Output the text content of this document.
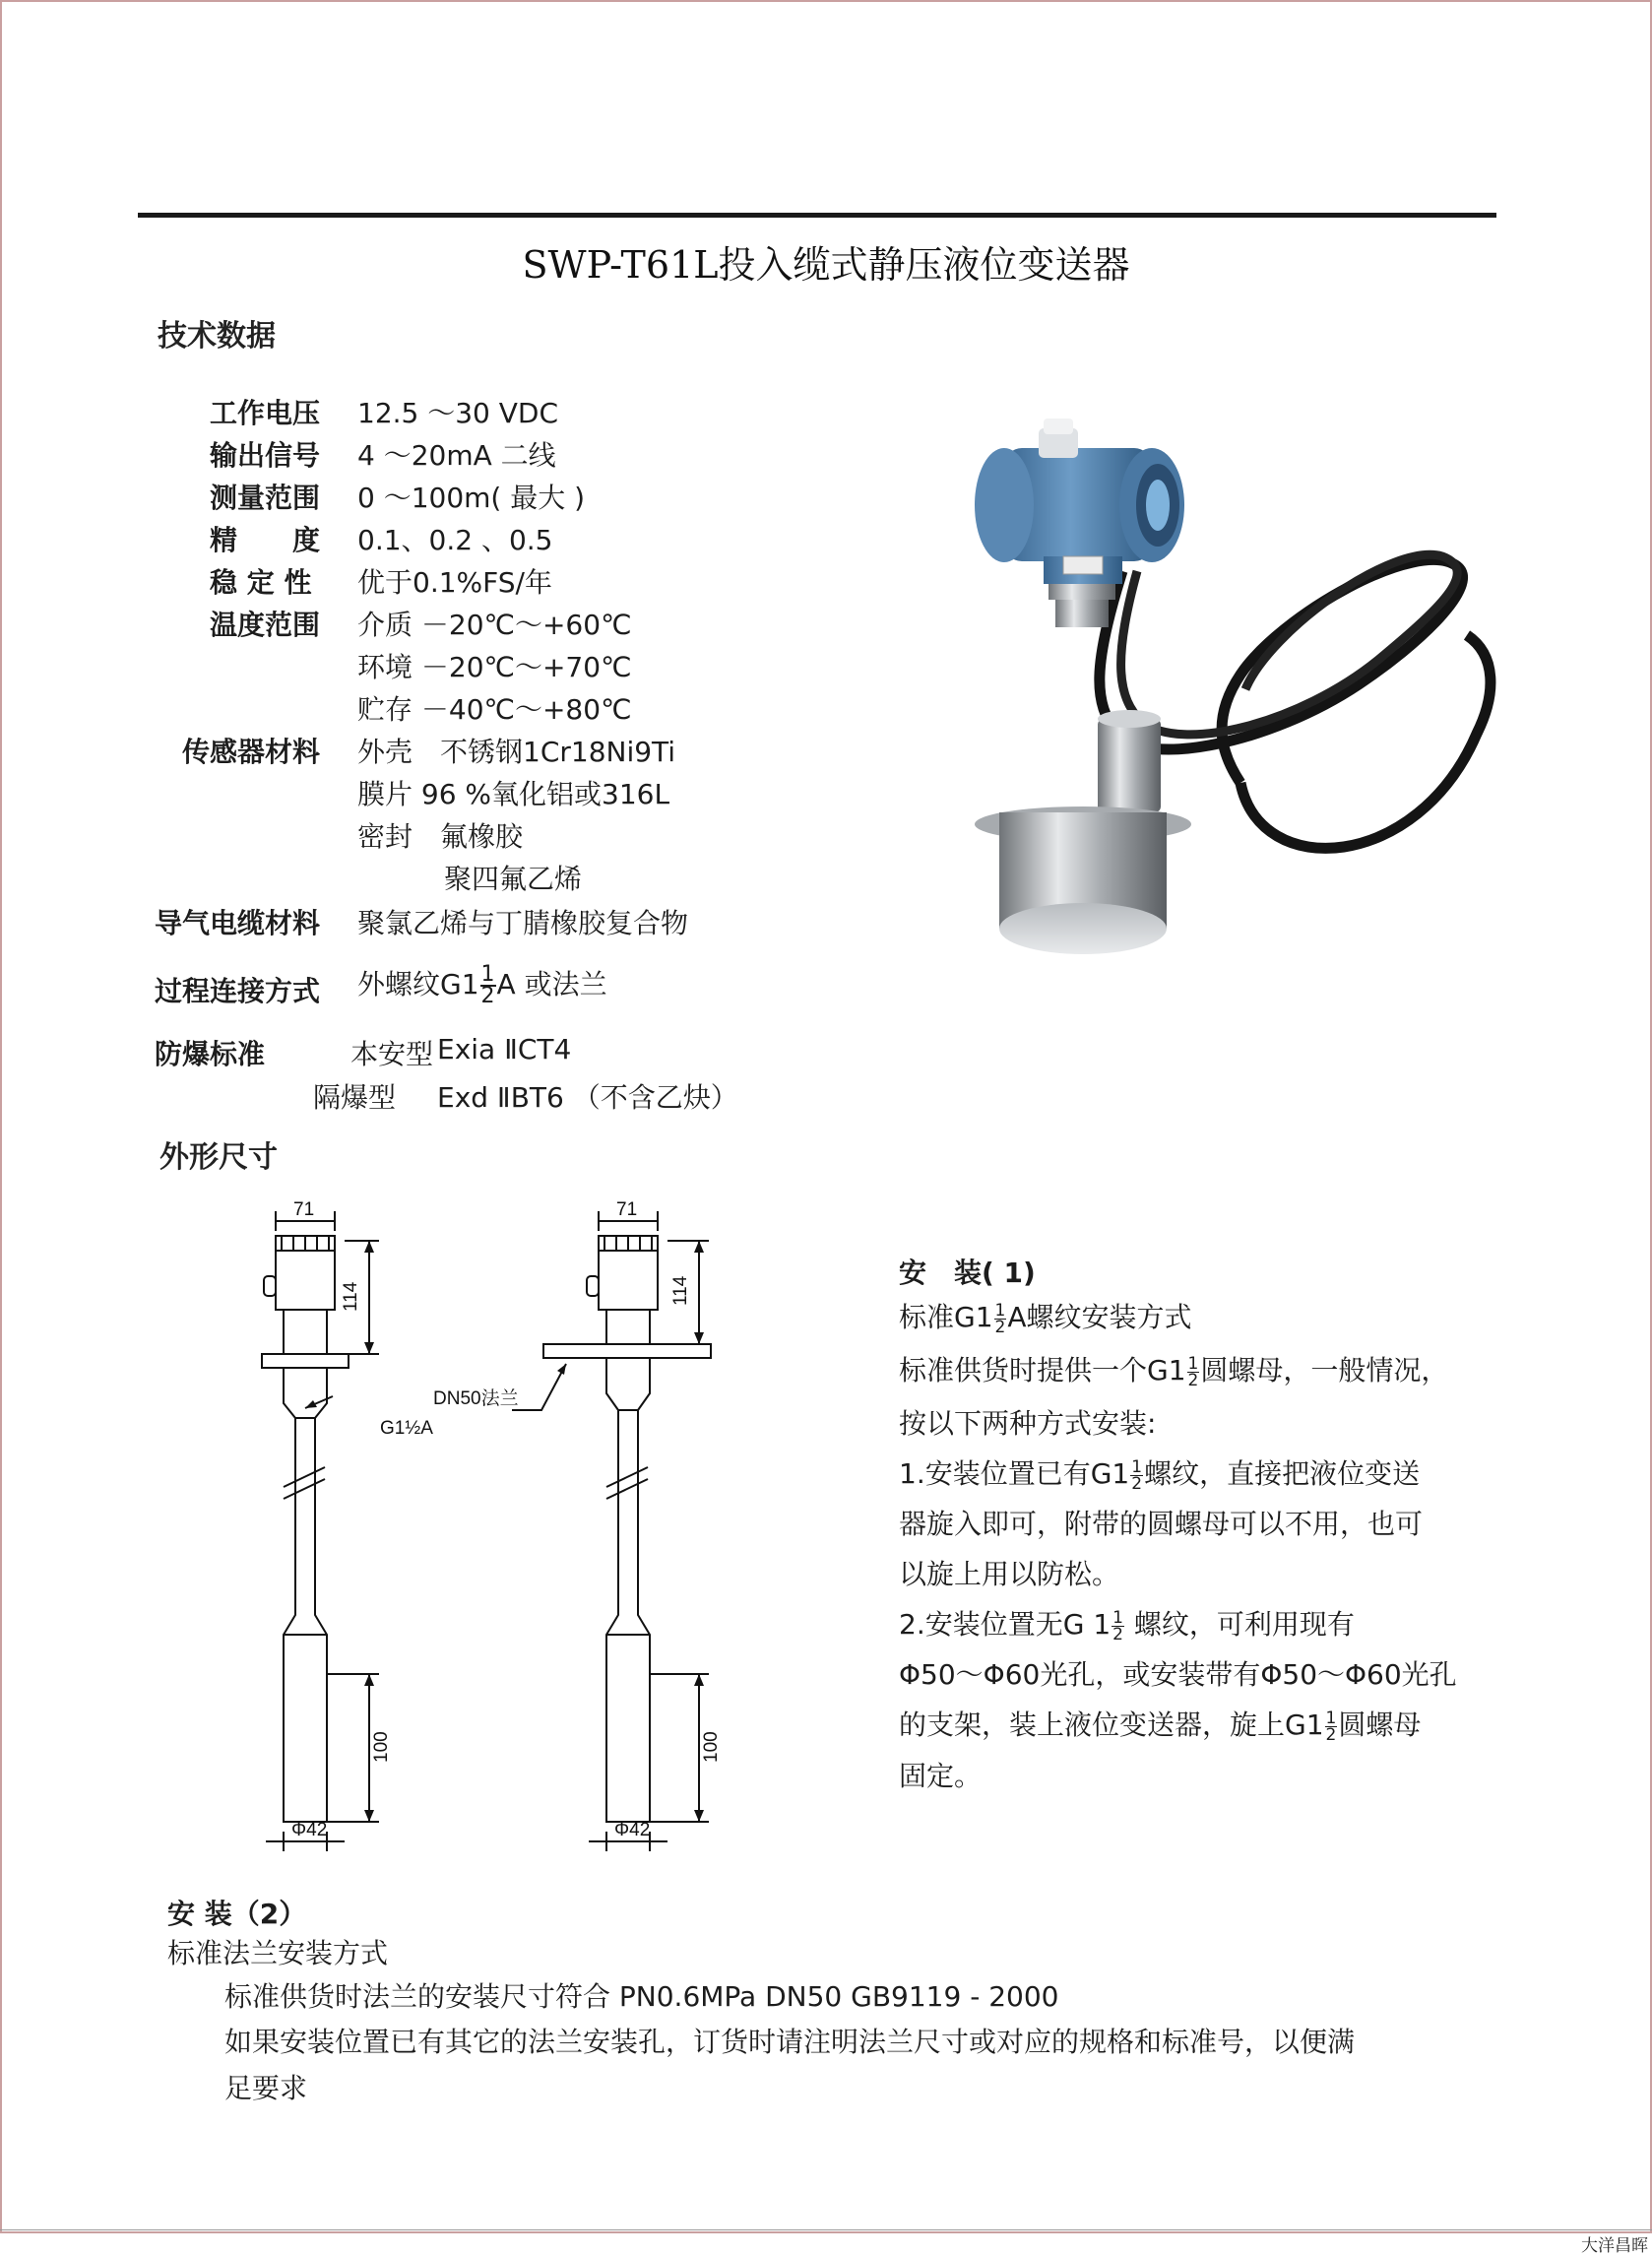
SWP-T61L投入缆式静压液位变送器
技术数据
工作电压 12.5 ～30 VDC
输出信号 4 ～20mA 二线
测量范围 0 ～100m( 最大 )
精　　度 0.1、0.2 、0.5
稳 定 性 优于0.1%FS/年
温度范围 介质 －20℃～+60℃
环境 －20℃～+70℃
贮存 －40℃～+80℃
传感器材料 外壳　不锈钢1Cr18Ni9Ti
膜片 96 %氧化铝或316L
密封　氟橡胶
聚四氟乙烯
导气电缆材料 聚氯乙烯与丁腈橡胶复合物
过程连接方式 外螺纹$G1 \frac{1}{2}$ A 或法兰
防爆标准	本安型 Exia ⅡCT4
隔爆型 Exd ⅡBT6 （不含乙炔）
外形尺寸
71	71
114	114
100	100
Φ42	Φ42
G1½A
DN50法兰
安　装( 1)
标准$G1 \frac{1}{2}$ A螺纹安装方式
标准供货时提供一个$G1 \frac{1}{2}$ 圆螺母，一般情况，
按以下两种方式安装:
1.安装位置已有$G1 \frac{1}{2}$ 螺纹，直接把液位变送
器旋入即可，附带的圆螺母可以不用，也可
以旋上用以防松。
2.安装位置无G $1 \frac{1}{2}$ 螺纹，可利用现有
Φ50～Φ60光孔，或安装带有Φ50～Φ60光孔
的支架，装上液位变送器，旋上$G1 \frac{1}{2}$ 圆螺母
固定。
安 装（2）
标准法兰安装方式
标准供货时法兰的安装尺寸符合 PN0.6MPa DN50 GB9119 - 2000
如果安装位置已有其它的法兰安装孔，订货时请注明法兰尺寸或对应的规格和标准号，以便满
足要求
大洋昌晖
